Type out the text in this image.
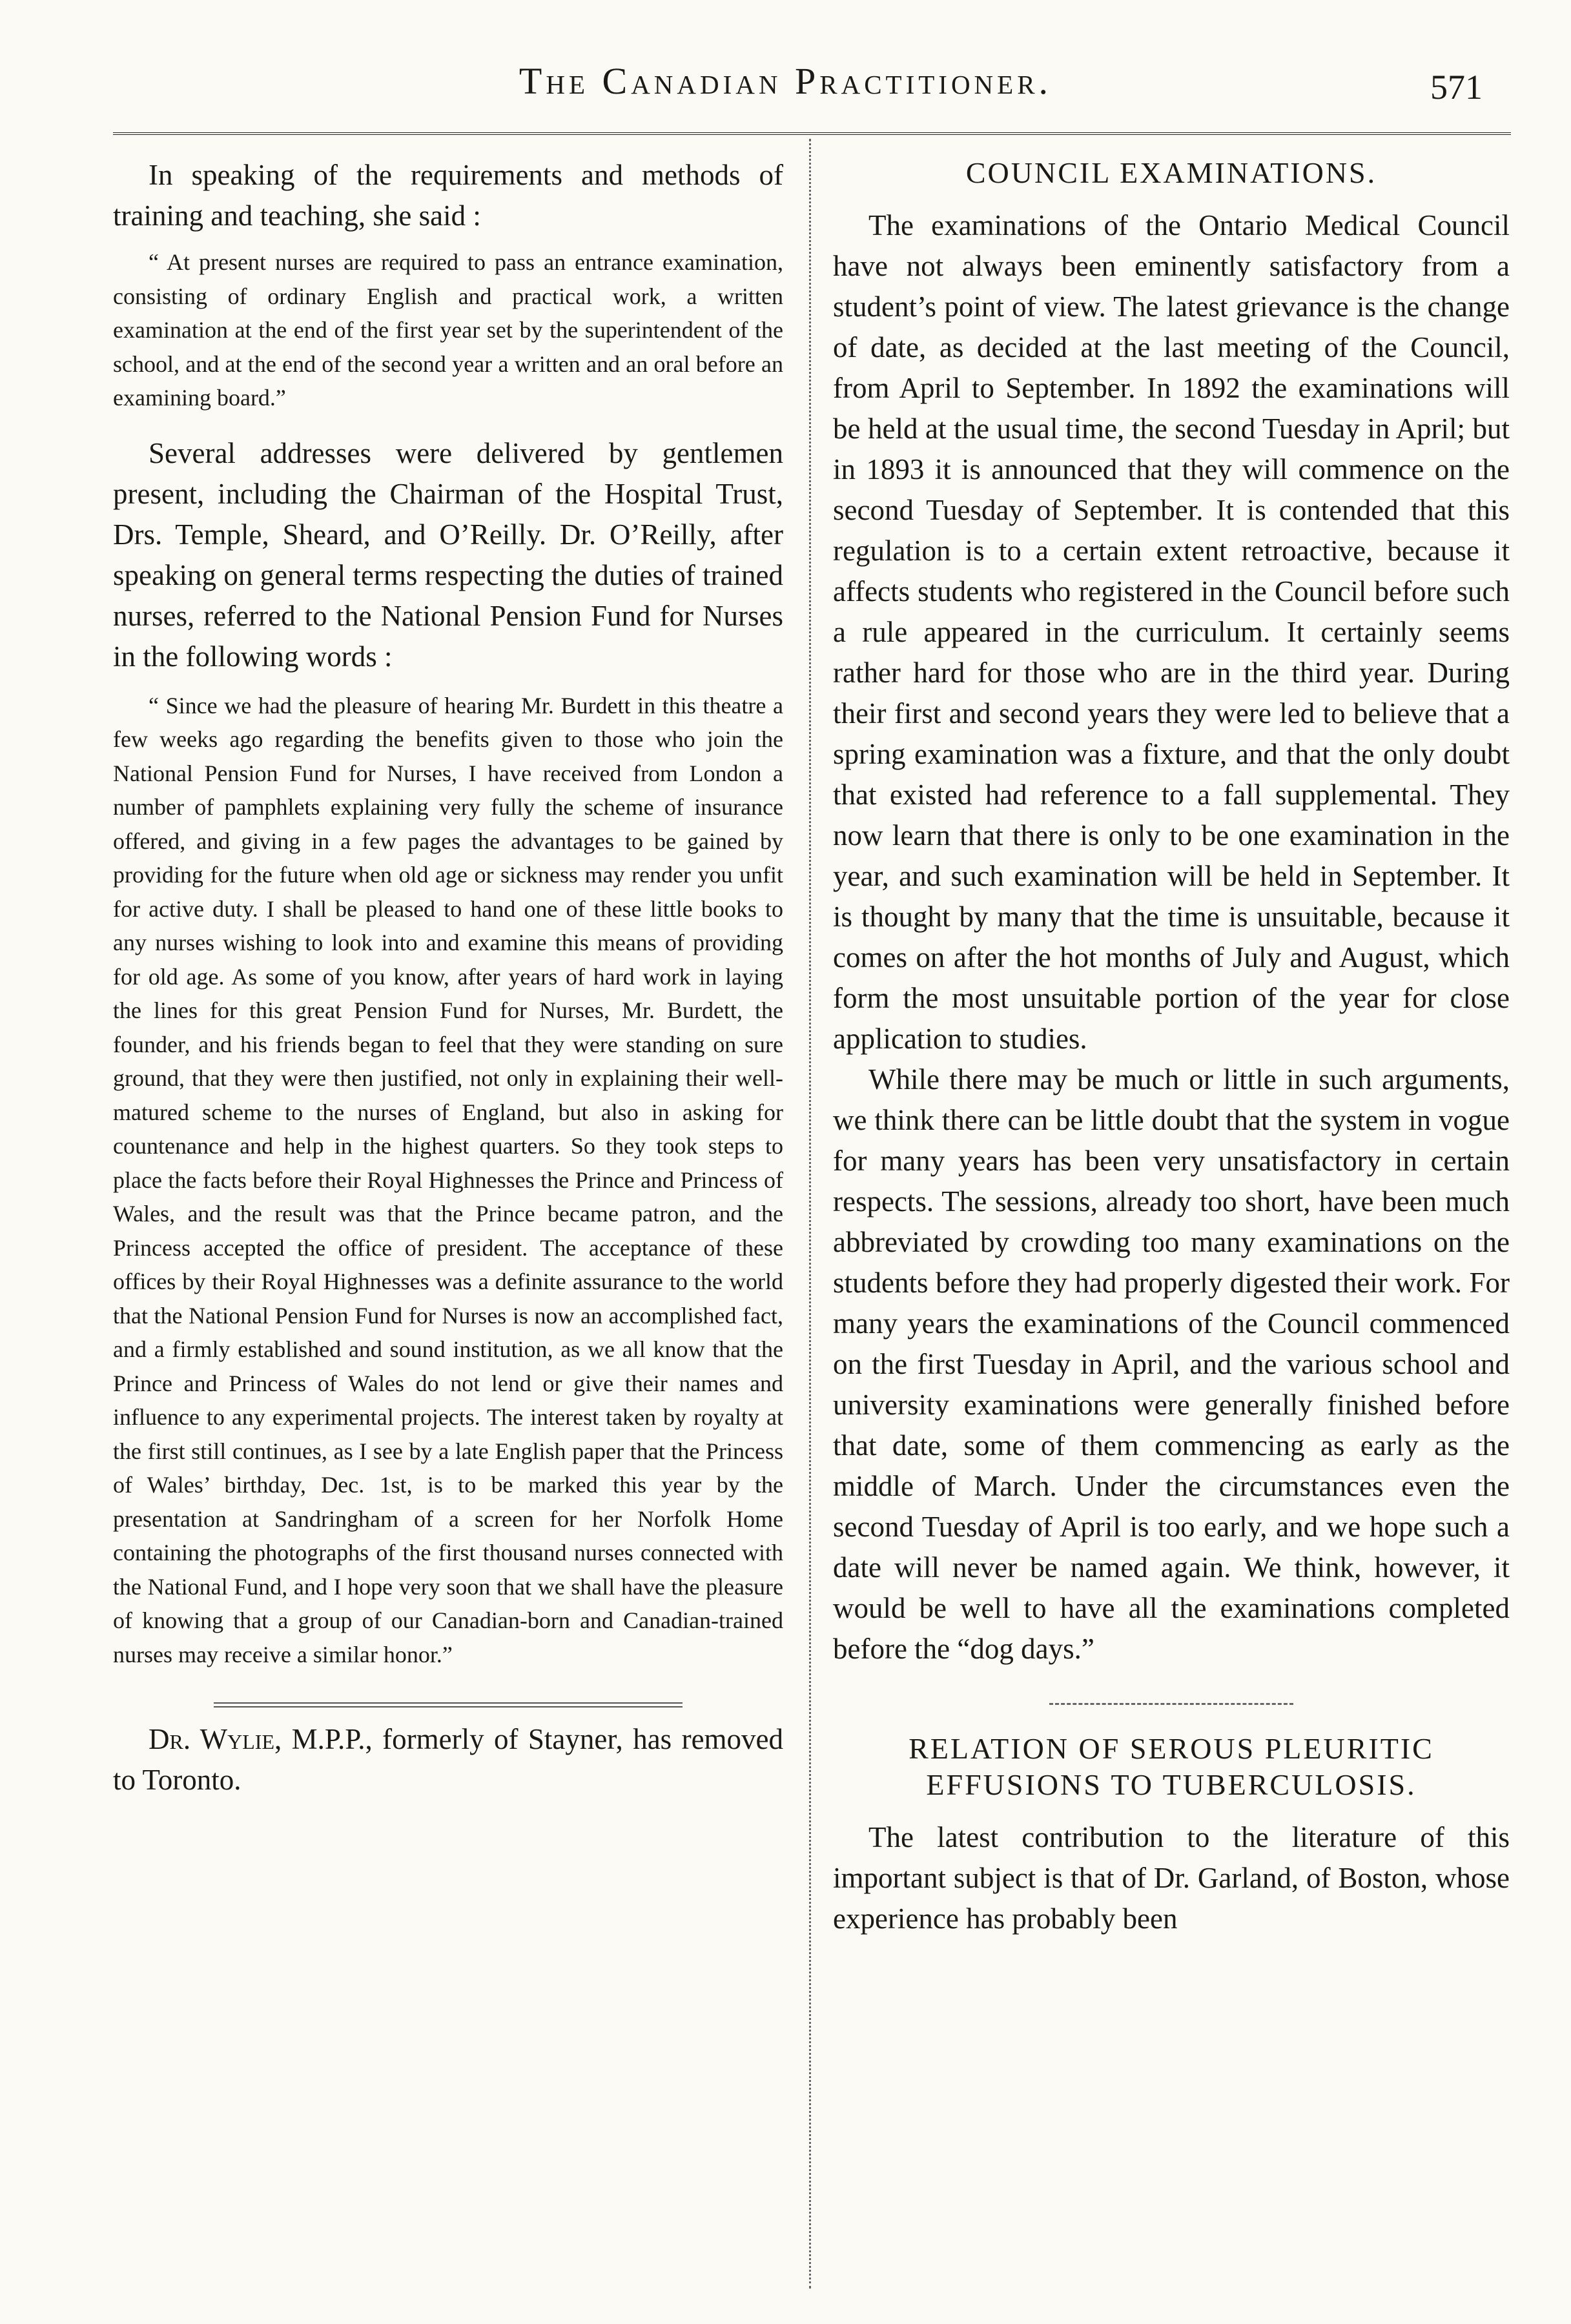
The Canadian Practitioner.	571

In speaking of the requirements and methods of training and teaching, she said :

“ At present nurses are required to pass an entrance examination, consisting of ordinary English and practical work, a written examination at the end of the first year set by the superintendent of the school, and at the end of the second year a written and an oral before an examining board.”

Several addresses were delivered by gentlemen present, including the Chairman of the Hospital Trust, Drs. Temple, Sheard, and O’Reilly. Dr. O’Reilly, after speaking on general terms respecting the duties of trained nurses, referred to the National Pension Fund for Nurses in the following words :

“ Since we had the pleasure of hearing Mr. Burdett in this theatre a few weeks ago regarding the benefits given to those who join the National Pension Fund for Nurses, I have received from London a number of pamphlets explaining very fully the scheme of insurance offered, and giving in a few pages the advantages to be gained by providing for the future when old age or sickness may render you unfit for active duty. I shall be pleased to hand one of these little books to any nurses wishing to look into and examine this means of providing for old age. As some of you know, after years of hard work in laying the lines for this great Pension Fund for Nurses, Mr. Burdett, the founder, and his friends began to feel that they were standing on sure ground, that they were then justified, not only in explaining their well-matured scheme to the nurses of England, but also in asking for countenance and help in the highest quarters. So they took steps to place the facts before their Royal Highnesses the Prince and Princess of Wales, and the result was that the Prince became patron, and the Princess accepted the office of president. The acceptance of these offices by their Royal Highnesses was a definite assurance to the world that the National Pension Fund for Nurses is now an accomplished fact, and a firmly established and sound institution, as we all know that the Prince and Princess of Wales do not lend or give their names and influence to any experimental projects. The interest taken by royalty at the first still continues, as I see by a late English paper that the Princess of Wales’ birthday, Dec. 1st, is to be marked this year by the presentation at Sandringham of a screen for her Norfolk Home containing the photographs of the first thousand nurses connected with the National Fund, and I hope very soon that we shall have the pleasure of knowing that a group of our Canadian-born and Canadian-trained nurses may receive a similar honor.”

Dr. Wylie, M.P.P., formerly of Stayner, has removed to Toronto.

COUNCIL EXAMINATIONS.

The examinations of the Ontario Medical Council have not always been eminently satisfactory from a student’s point of view. The latest grievance is the change of date, as decided at the last meeting of the Council, from April to September. In 1892 the examinations will be held at the usual time, the second Tuesday in April; but in 1893 it is announced that they will commence on the second Tuesday of September. It is contended that this regulation is to a certain extent retroactive, because it affects students who registered in the Council before such a rule appeared in the curriculum. It certainly seems rather hard for those who are in the third year. During their first and second years they were led to believe that a spring examination was a fixture, and that the only doubt that existed had reference to a fall supplemental. They now learn that there is only to be one examination in the year, and such examination will be held in September. It is thought by many that the time is unsuitable, because it comes on after the hot months of July and August, which form the most unsuitable portion of the year for close application to studies.

While there may be much or little in such arguments, we think there can be little doubt that the system in vogue for many years has been very unsatisfactory in certain respects. The sessions, already too short, have been much abbreviated by crowding too many examinations on the students before they had properly digested their work. For many years the examinations of the Council commenced on the first Tuesday in April, and the various school and university examinations were generally finished before that date, some of them commencing as early as the middle of March. Under the circumstances even the second Tuesday of April is too early, and we hope such a date will never be named again. We think, however, it would be well to have all the examinations completed before the “dog days.”

RELATION OF SEROUS PLEURITIC
EFFUSIONS TO TUBERCULOSIS.

The latest contribution to the literature of this important subject is that of Dr. Garland, of Boston, whose experience has probably been
